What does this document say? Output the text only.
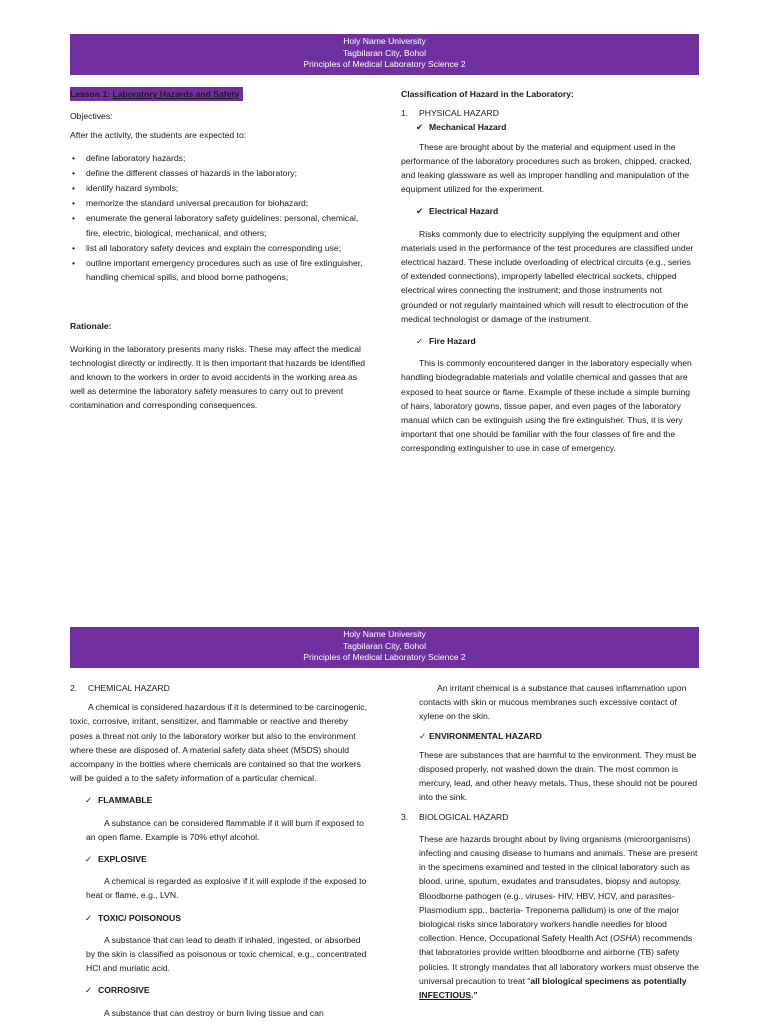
Holy Name University
Tagbilaran City, Bohol
Principles of Medical Laboratory Science 2

Lesson 1: Laboratory Hazards and Safety

Objectives:

After the activity, the students are expected to:

• define laboratory hazards;
• define the different classes of hazards in the laboratory;
• identify hazard symbols;
• memorize the standard universal precaution for biohazard;
• enumerate the general laboratory safety guidelines: personal, chemical, fire, electric, biological, mechanical, and others;
• list all laboratory safety devices and explain the corresponding use;
• outline important emergency procedures such as use of fire extinguisher, handling chemical spills, and blood borne pathogens;

Rationale:

Working in the laboratory presents many risks. These may affect the medical technologist directly or indirectly. It is then important that hazards be identified and known to the workers in order to avoid accidents in the working area as well as determine the laboratory safety measures to carry out to prevent contamination and corresponding consequences.

Classification of Hazard in the Laboratory:

1. PHYSICAL HAZARD

✔ Mechanical Hazard

These are brought about by the material and equipment used in the performance of the laboratory procedures such as broken, chipped, cracked, and leaking glassware as well as improper handling and manipulation of the equipment utilized for the experiment.

✔ Electrical Hazard

Risks commonly due to electricity supplying the equipment and other materials used in the performance of the test procedures are classified under electrical hazard. These include overloading of electrical circuits (e.g., series of extended connections), improperly labelled electrical sockets, chipped electrical wires connecting the instrument; and those instruments not grounded or not regularly maintained which will result to electrocution of the medical technologist or damage of the instrument.

✓ Fire Hazard

This is commonly encountered danger in the laboratory especially when handling biodegradable materials and volatile chemical and gasses that are exposed to heat source or flame. Example of these include a simple burning of hairs, laboratory gowns, tissue paper, and even pages of the laboratory manual which can be extinguish using the fire extinguisher. Thus, it is very important that one should be familiar with the four classes of fire and the corresponding extinguisher to use in case of emergency.

Holy Name University
Tagbilaran City, Bohol
Principles of Medical Laboratory Science 2

2. CHEMICAL HAZARD

A chemical is considered hazardous if it is determined to be carcinogenic, toxic, corrosive, irritant, sensitizer, and flammable or reactive and thereby poses a threat not only to the laboratory worker but also to the environment where these are disposed of. A material safety data sheet (MSDS) should accompany in the bottles where chemicals are contained so that the workers will be guided a to the safety information of a particular chemical.

✓ FLAMMABLE

A substance can be considered flammable if it will burn if exposed to an open flame. Example is 70% ethyl alcohol.

✓ EXPLOSIVE

A chemical is regarded as explosive if it will explode if the exposed to heat or flame, e.g., LVN.

✓ TOXIC/ POISONOUS

A substance that can lead to death if inhaled, ingested, or absorbed by the skin is classified as poisonous or toxic chemical, e.g., concentrated HCl and muriatic acid.

✓ CORROSIVE

A substance that can destroy or burn living tissue and can

An irritant chemical is a substance that causes inflammation upon contacts with skin or mucous membranes such excessive contact of xylene on the skin.

✓ ENVIRONMENTAL HAZARD

These are substances that are harmful to the environment. They must be disposed properly, not washed down the drain. The most common is mercury, lead, and other heavy metals. Thus, these should not be poured into the sink.

3. BIOLOGICAL HAZARD

These are hazards brought about by living organisms (microorganisms) infecting and causing disease to humans and animals. These are present in the specimens examined and tested in the clinical laboratory such as blood, urine, sputum, exudates and transudates, biopsy and autopsy. Bloodborne pathogen (e.g., viruses- HIV, HBV, HCV, and parasites- Plasmodium spp., bacteria- Treponema pallidum) is one of the major biological risks since laboratory workers handle needles for blood collection. Hence, Occupational Safety Health Act (OSHA) recommends that laboratories provide written bloodborne and airborne (TB) safety policies. It strongly mandates that all laboratory workers must observe the universal precaution to treat “all biological specimens as potentially INFECTIOUS.”
